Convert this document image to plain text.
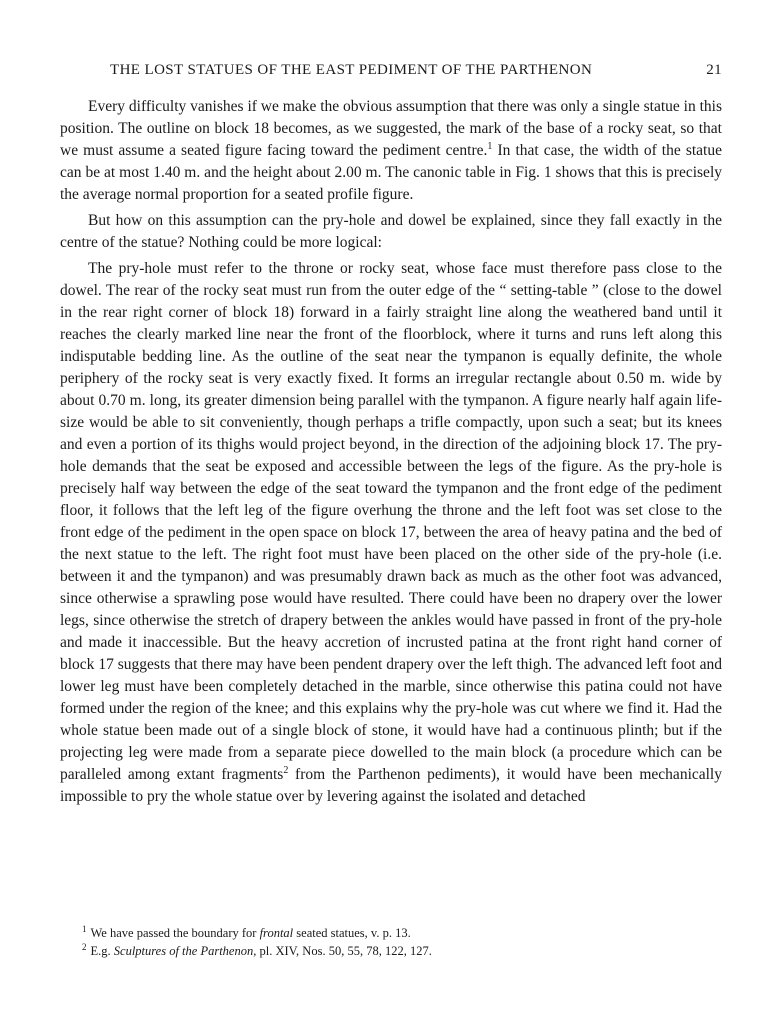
THE LOST STATUES OF THE EAST PEDIMENT OF THE PARTHENON	21

Every difficulty vanishes if we make the obvious assumption that there was only a single statue in this position. The outline on block 18 becomes, as we suggested, the mark of the base of a rocky seat, so that we must assume a seated figure facing toward the pediment centre.$^1$ In that case, the width of the statue can be at most 1.40 m. and the height about 2.00 m. The canonic table in Fig. 1 shows that this is precisely the average normal proportion for a seated profile figure.

But how on this assumption can the pry-hole and dowel be explained, since they fall exactly in the centre of the statue? Nothing could be more logical:

The pry-hole must refer to the throne or rocky seat, whose face must therefore pass close to the dowel. The rear of the rocky seat must run from the outer edge of the “ setting-table ” (close to the dowel in the rear right corner of block 18) forward in a fairly straight line along the weathered band until it reaches the clearly marked line near the front of the floorblock, where it turns and runs left along this indisputable bedding line. As the outline of the seat near the tympanon is equally definite, the whole periphery of the rocky seat is very exactly fixed. It forms an irregular rectangle about 0.50 m. wide by about 0.70 m. long, its greater dimension being parallel with the tympanon. A figure nearly half again life-size would be able to sit conveniently, though perhaps a trifle compactly, upon such a seat; but its knees and even a portion of its thighs would project beyond, in the direction of the adjoining block 17. The pry-hole demands that the seat be exposed and accessible between the legs of the figure. As the pry-hole is precisely half way between the edge of the seat toward the tympanon and the front edge of the pediment floor, it follows that the left leg of the figure overhung the throne and the left foot was set close to the front edge of the pediment in the open space on block 17, between the area of heavy patina and the bed of the next statue to the left. The right foot must have been placed on the other side of the pry-hole (i.e. between it and the tympanon) and was presumably drawn back as much as the other foot was advanced, since otherwise a sprawling pose would have resulted. There could have been no drapery over the lower legs, since otherwise the stretch of drapery between the ankles would have passed in front of the pry-hole and made it inaccessible. But the heavy accretion of incrusted patina at the front right hand corner of block 17 suggests that there may have been pendent drapery over the left thigh. The advanced left foot and lower leg must have been completely detached in the marble, since otherwise this patina could not have formed under the region of the knee; and this explains why the pry-hole was cut where we find it. Had the whole statue been made out of a single block of stone, it would have had a continuous plinth; but if the projecting leg were made from a separate piece dowelled to the main block (a procedure which can be paralleled among extant fragments$^2$ from the Parthenon pediments), it would have been mechanically impossible to pry the whole statue over by levering against the isolated and detached

$^1$ We have passed the boundary for frontal seated statues, v. p. 13.

$^2$ E.g. Sculptures of the Parthenon, pl. XIV, Nos. 50, 55, 78, 122, 127.
